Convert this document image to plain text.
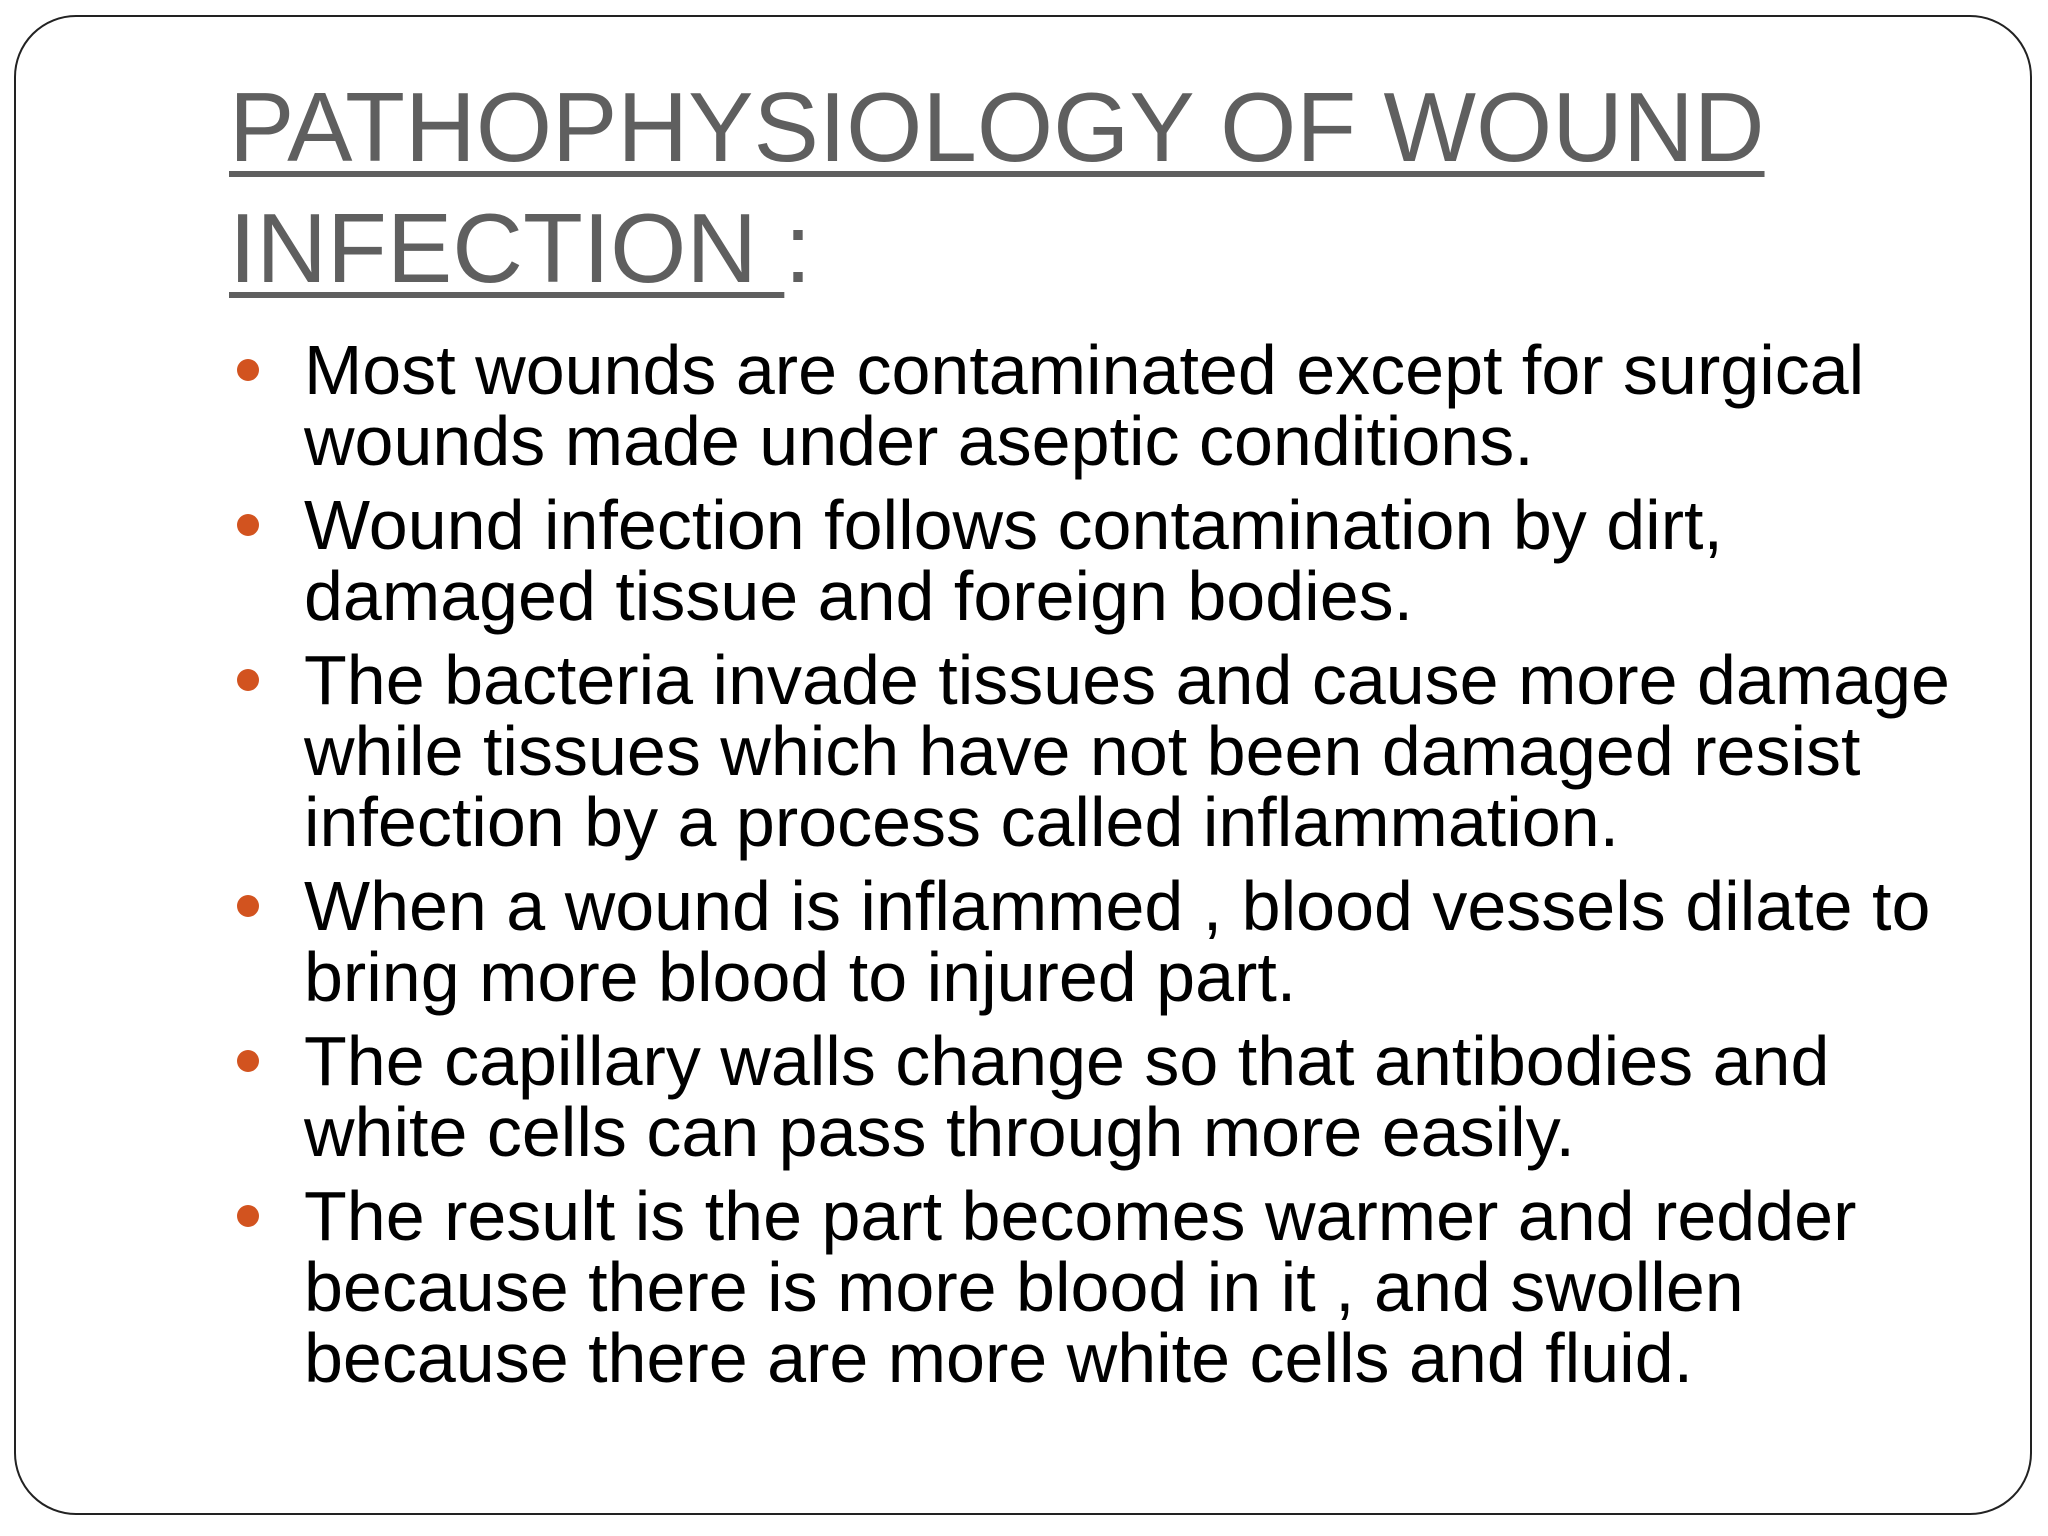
PATHOPHYSIOLOGY OF WOUND INFECTION :
Most wounds are contaminated except for surgical wounds made under aseptic conditions.
Wound infection follows contamination by dirt, damaged tissue and foreign bodies.
The bacteria invade tissues and cause more damage while tissues which have not been damaged resist infection by a process called inflammation.
When a wound is inflammed , blood vessels dilate to bring more blood to injured part.
The capillary walls change so that antibodies and white cells can pass through more easily.
The result is the part becomes warmer and redder because there is more blood in it , and swollen because there are more white cells and fluid.
